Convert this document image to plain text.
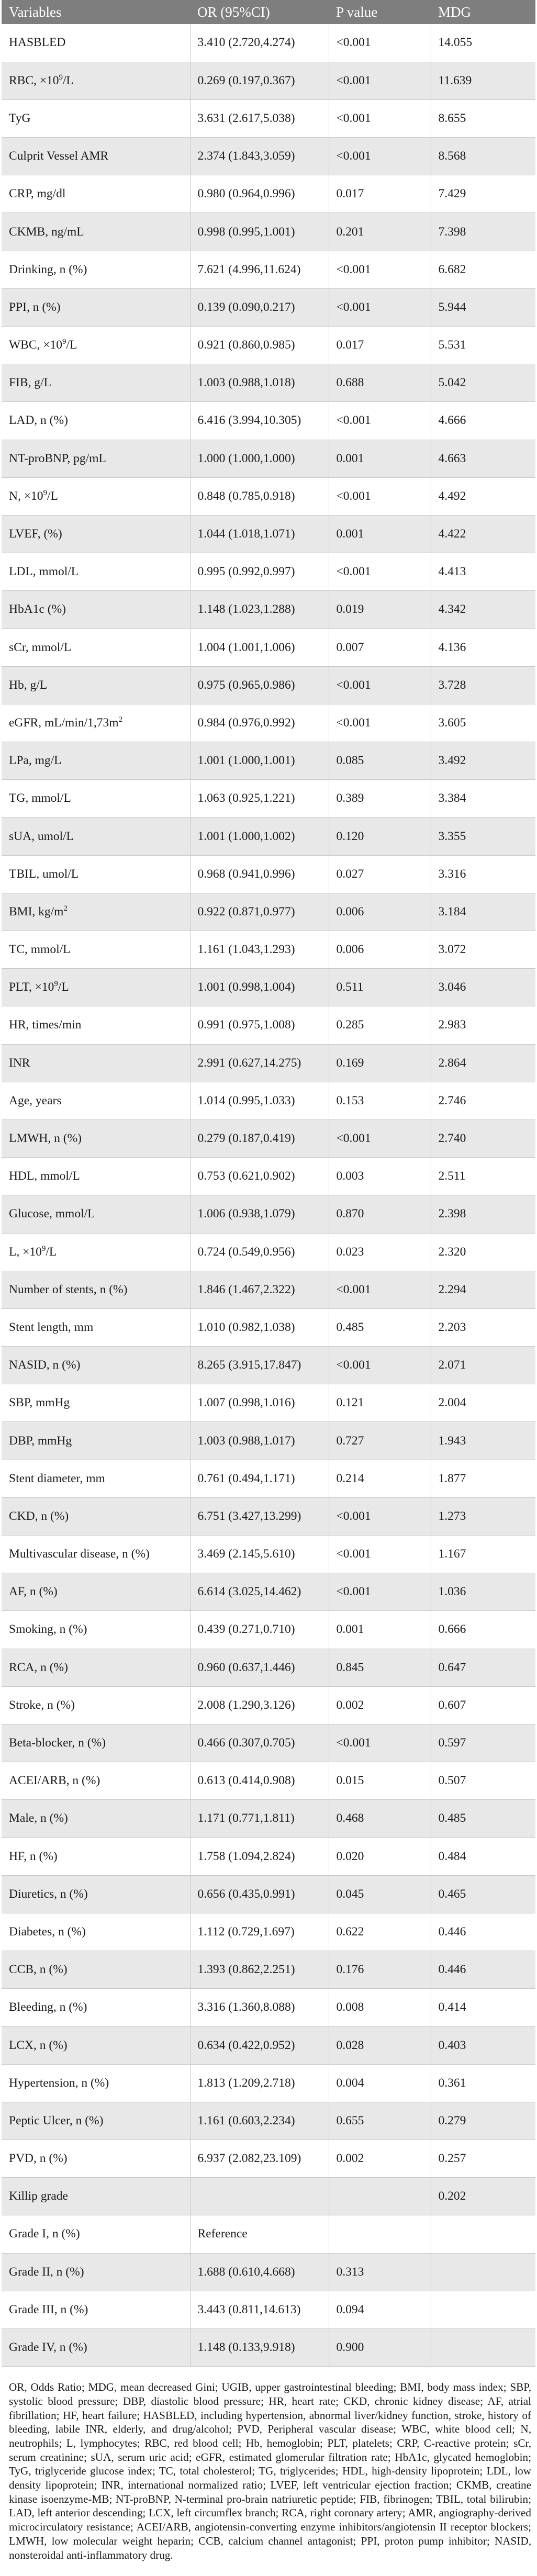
Variables	OR (95%CI)	P value	MDG
HASBLED	3.410 (2.720,4.274)	<0.001	14.055
RBC, $\times 10^9/L$	0.269 (0.197,0.367)	<0.001	11.639
TyG	3.631 (2.617,5.038)	<0.001	8.655
Culprit Vessel AMR	2.374 (1.843,3.059)	<0.001	8.568
CRP, mg/dl	0.980 (0.964,0.996)	0.017	7.429
CKMB, ng/mL	0.998 (0.995,1.001)	0.201	7.398
Drinking, n (%)	7.621 (4.996,11.624)	<0.001	6.682
PPI, n (%)	0.139 (0.090,0.217)	<0.001	5.944
WBC, $\times 10^9/L$	0.921 (0.860,0.985)	0.017	5.531
FIB, g/L	1.003 (0.988,1.018)	0.688	5.042
LAD, n (%)	6.416 (3.994,10.305)	<0.001	4.666
NT-proBNP, pg/mL	1.000 (1.000,1.000)	0.001	4.663
N, $\times 10^9/L$	0.848 (0.785,0.918)	<0.001	4.492
LVEF, (%)	1.044 (1.018,1.071)	0.001	4.422
LDL, mmol/L	0.995 (0.992,0.997)	<0.001	4.413
HbA1c (%)	1.148 (1.023,1.288)	0.019	4.342
sCr, mmol/L	1.004 (1.001,1.006)	0.007	4.136
Hb, g/L	0.975 (0.965,0.986)	<0.001	3.728
eGFR, $mL/\min/1,73m^2$	0.984 (0.976,0.992)	<0.001	3.605
LPa, mg/L	1.001 (1.000,1.001)	0.085	3.492
TG, mmol/L	1.063 (0.925,1.221)	0.389	3.384
sUA, umol/L	1.001 (1.000,1.002)	0.120	3.355
TBIL, umol/L	0.968 (0.941,0.996)	0.027	3.316
BMI, $kg/m^2$	0.922 (0.871,0.977)	0.006	3.184
TC, mmol/L	1.161 (1.043,1.293)	0.006	3.072
PLT, $\times 10^9/L$	1.001 (0.998,1.004)	0.511	3.046
HR, times/min	0.991 (0.975,1.008)	0.285	2.983
INR	2.991 (0.627,14.275)	0.169	2.864
Age, years	1.014 (0.995,1.033)	0.153	2.746
LMWH, n (%)	0.279 (0.187,0.419)	<0.001	2.740
HDL, mmol/L	0.753 (0.621,0.902)	0.003	2.511
Glucose, mmol/L	1.006 (0.938,1.079)	0.870	2.398
L, $\times 10^9/L$	0.724 (0.549,0.956)	0.023	2.320
Number of stents, n (%)	1.846 (1.467,2.322)	<0.001	2.294
Stent length, mm	1.010 (0.982,1.038)	0.485	2.203
NASID, n (%)	8.265 (3.915,17.847)	<0.001	2.071
SBP, mmHg	1.007 (0.998,1.016)	0.121	2.004
DBP, mmHg	1.003 (0.988,1.017)	0.727	1.943
Stent diameter, mm	0.761 (0.494,1.171)	0.214	1.877
CKD, n (%)	6.751 (3.427,13.299)	<0.001	1.273
Multivascular disease, n (%)	3.469 (2.145,5.610)	<0.001	1.167
AF, n (%)	6.614 (3.025,14.462)	<0.001	1.036
Smoking, n (%)	0.439 (0.271,0.710)	0.001	0.666
RCA, n (%)	0.960 (0.637,1.446)	0.845	0.647
Stroke, n (%)	2.008 (1.290,3.126)	0.002	0.607
Beta-blocker, n (%)	0.466 (0.307,0.705)	<0.001	0.597
ACEI/ARB, n (%)	0.613 (0.414,0.908)	0.015	0.507
Male, n (%)	1.171 (0.771,1.811)	0.468	0.485
HF, n (%)	1.758 (1.094,2.824)	0.020	0.484
Diuretics, n (%)	0.656 (0.435,0.991)	0.045	0.465
Diabetes, n (%)	1.112 (0.729,1.697)	0.622	0.446
CCB, n (%)	1.393 (0.862,2.251)	0.176	0.446
Bleeding, n (%)	3.316 (1.360,8.088)	0.008	0.414
LCX, n (%)	0.634 (0.422,0.952)	0.028	0.403
Hypertension, n (%)	1.813 (1.209,2.718)	0.004	0.361
Peptic Ulcer, n (%)	1.161 (0.603,2.234)	0.655	0.279
PVD, n (%)	6.937 (2.082,23.109)	0.002	0.257
Killip grade			0.202
Grade I, n (%)	Reference		
Grade II, n (%)	1.688 (0.610,4.668)	0.313	
Grade III, n (%)	3.443 (0.811,14.613)	0.094	
Grade IV, n (%)	1.148 (0.133,9.918)	0.900	

OR, Odds Ratio; MDG, mean decreased Gini; UGIB, upper gastrointestinal bleeding; BMI, body mass index; SBP, systolic blood pressure; DBP, diastolic blood pressure; HR, heart rate; CKD, chronic kidney disease; AF, atrial fibrillation; HF, heart failure; HASBLED, including hypertension, abnormal liver/kidney function, stroke, history of bleeding, labile INR, elderly, and drug/alcohol; PVD, Peripheral vascular disease; WBC, white blood cell; N, neutrophils; L, lymphocytes; RBC, red blood cell; Hb, hemoglobin; PLT, platelets; CRP, C-reactive protein; sCr, serum creatinine; sUA, serum uric acid; eGFR, estimated glomerular filtration rate; HbA1c, glycated hemoglobin; TyG, triglyceride glucose index; TC, total cholesterol; TG, triglycerides; HDL, high-density lipoprotein; LDL, low density lipoprotein; INR, international normalized ratio; LVEF, left ventricular ejection fraction; CKMB, creatine kinase isoenzyme-MB; NT-proBNP, N-terminal pro-brain natriuretic peptide; FIB, fibrinogen; TBIL, total bilirubin; LAD, left anterior descending; LCX, left circumflex branch; RCA, right coronary artery; AMR, angiography-derived microcirculatory resistance; ACEI/ARB, angiotensin-converting enzyme inhibitors/angiotensin II receptor blockers; LMWH, low molecular weight heparin; CCB, calcium channel antagonist; PPI, proton pump inhibitor; NASID, nonsteroidal anti-inflammatory drug.
